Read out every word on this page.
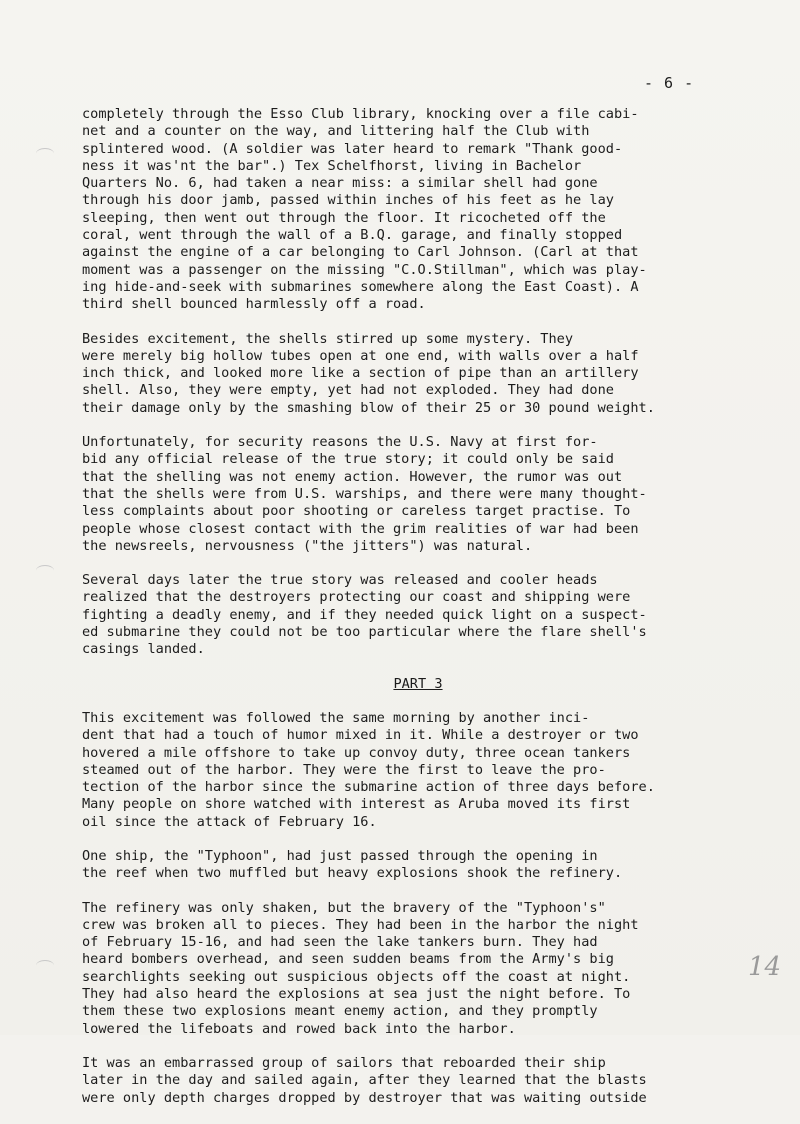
- 6 -

completely through the Esso Club library, knocking over a file cabi-
net and a counter on the way, and littering half the Club with
splintered wood. (A soldier was later heard to remark "Thank good-
ness it was'nt the bar".) Tex Schelfhorst, living in Bachelor
Quarters No. 6, had taken a near miss: a similar shell had gone
through his door jamb, passed within inches of his feet as he lay
sleeping, then went out through the floor. It ricocheted off the
coral, went through the wall of a B.Q. garage, and finally stopped
against the engine of a car belonging to Carl Johnson. (Carl at that
moment was a passenger on the missing "C.O.Stillman", which was play-
ing hide-and-seek with submarines somewhere along the East Coast). A
third shell bounced harmlessly off a road.

Besides excitement, the shells stirred up some mystery. They
were merely big hollow tubes open at one end, with walls over a half
inch thick, and looked more like a section of pipe than an artillery
shell. Also, they were empty, yet had not exploded. They had done
their damage only by the smashing blow of their 25 or 30 pound weight.

Unfortunately, for security reasons the U.S. Navy at first for-
bid any official release of the true story; it could only be said
that the shelling was not enemy action. However, the rumor was out
that the shells were from U.S. warships, and there were many thought-
less complaints about poor shooting or careless target practise. To
people whose closest contact with the grim realities of war had been
the newsreels, nervousness ("the jitters") was natural.

Several days later the true story was released and cooler heads
realized that the destroyers protecting our coast and shipping were
fighting a deadly enemy, and if they needed quick light on a suspect-
ed submarine they could not be too particular where the flare shell's
casings landed.

PART 3

This excitement was followed the same morning by another inci-
dent that had a touch of humor mixed in it. While a destroyer or two
hovered a mile offshore to take up convoy duty, three ocean tankers
steamed out of the harbor. They were the first to leave the pro-
tection of the harbor since the submarine action of three days before.
Many people on shore watched with interest as Aruba moved its first
oil since the attack of February 16.

One ship, the "Typhoon", had just passed through the opening in
the reef when two muffled but heavy explosions shook the refinery.

The refinery was only shaken, but the bravery of the "Typhoon's"
crew was broken all to pieces. They had been in the harbor the night
of February 15-16, and had seen the lake tankers burn. They had
heard bombers overhead, and seen sudden beams from the Army's big
searchlights seeking out suspicious objects off the coast at night.
They had also heard the explosions at sea just the night before. To
them these two explosions meant enemy action, and they promptly
lowered the lifeboats and rowed back into the harbor.

It was an embarrassed group of sailors that reboarded their ship
later in the day and sailed again, after they learned that the blasts
were only depth charges dropped by destroyer that was waiting outside

14
